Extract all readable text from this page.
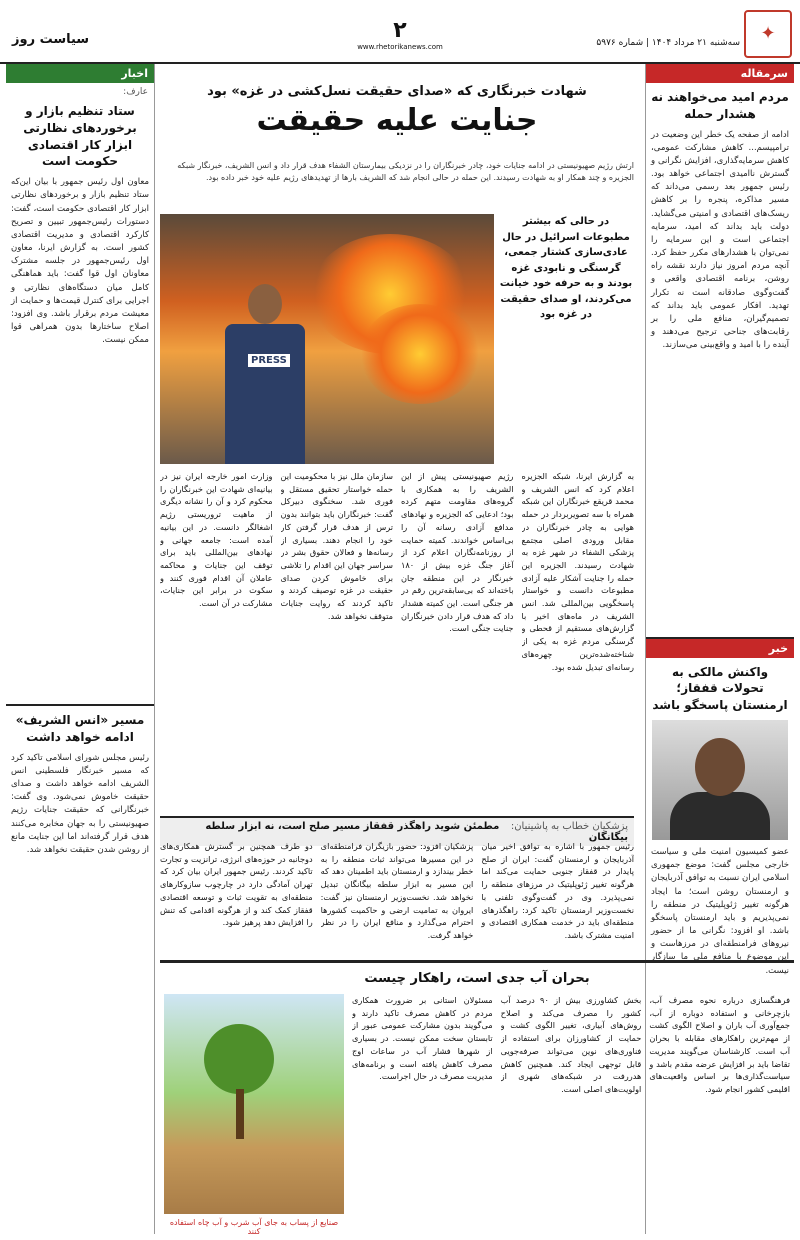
سیاست روز	۲
www.rhetorikanews.com	سه‌شنبه ۲۱ مرداد ۱۴۰۴ | شماره ۵۹۷۶	✦
سرمقاله
مردم امید می‌خواهند نه هشدار حمله
ادامه از صفحه یک خطر این وضعیت در ترامپیسم... کاهش مشارکت عمومی، کاهش سرمایه‌گذاری، افزایش نگرانی و گسترش ناامیدی اجتماعی خواهد بود. رئیس جمهور بعد رسمی می‌داند که مسیر مذاکره، پنجره را بر کاهش ریسک‌های اقتصادی و امنیتی می‌گشاید. دولت باید بداند که امید، سرمایه اجتماعی است و این سرمایه را نمی‌توان با هشدارهای مکرر حفظ کرد. آنچه مردم امروز نیاز دارند نقشه راه روشن، برنامه اقتصادی واقعی و گفت‌وگوی صادقانه است نه تکرار تهدید. افکار عمومی باید بداند که تصمیم‌گیران، منافع ملی را بر رقابت‌های جناحی ترجیح می‌دهند و آینده را با امید و واقع‌بینی می‌سازند.
خبر
واکنش مالکی به تحولات قفقاز؛ ارمنستان پاسخگو باشد
عضو کمیسیون امنیت ملی و سیاست خارجی مجلس گفت: موضع جمهوری اسلامی ایران نسبت به توافق آذربایجان و ارمنستان روشن است؛ ما ایجاد هرگونه تغییر ژئوپلیتیک در منطقه را نمی‌پذیریم و باید ارمنستان پاسخگو باشد. او افزود: نگرانی ما از حضور نیروهای فرامنطقه‌ای در مرزهاست و این موضوع با منافع ملی ما سازگار نیست.
اخبار
عارف:
ستاد تنظیم بازار و برخوردهای نظارتی ابزار کار اقتصادی حکومت است
معاون اول رئیس جمهور با بیان این‌که ستاد تنظیم بازار و برخوردهای نظارتی ابزار کار اقتصادی حکومت است، گفت: دستورات رئیس‌جمهور تبیین و تصریح کارکرد اقتصادی و مدیریت اقتصادی کشور است. به گزارش ایرنا، معاون اول رئیس‌جمهور در جلسه مشترک معاونان اول قوا گفت: باید هماهنگی کامل میان دستگاه‌های نظارتی و اجرایی برای کنترل قیمت‌ها و حمایت از معیشت مردم برقرار باشد. وی افزود: اصلاح ساختارها بدون همراهی قوا ممکن نیست.
مسیر «انس الشریف» ادامه خواهد داشت
رئیس مجلس شورای اسلامی تاکید کرد که مسیر خبرنگار فلسطینی انس الشریف ادامه خواهد داشت و صدای حقیقت خاموش نمی‌شود. وی گفت: خبرنگارانی که حقیقت جنایات رژیم صهیونیستی را به جهان مخابره می‌کنند هدف قرار گرفته‌اند اما این جنایت مانع از روشن شدن حقیقت نخواهد شد.
شهادت خبرنگاری که «صدای حقیقت نسل‌کشی در غزه» بود
جنایت علیه حقیقت
ارتش رژیم صهیونیستی در ادامه جنایات خود، چادر خبرنگاران را در نزدیکی بیمارستان الشفاء هدف قرار داد و انس الشریف، خبرنگار شبکه الجزیره و چند همکار او به شهادت رسیدند. این حمله در حالی انجام شد که الشریف بارها از تهدیدهای رژیم علیه خود خبر داده بود.
PRESS
در حالی که بیشتر مطبوعات اسرائیل در حال عادی‌سازی کشتار جمعی، گرسنگی و نابودی غزه بودند و به حرفه خود خیانت می‌کردند، او صدای حقیقت در غزه بود
به گزارش ایرنا، شبکه الجزیره اعلام کرد که انس الشریف و محمد قریقع خبرنگاران این شبکه همراه با سه تصویربردار در حمله هوایی به چادر خبرنگاران در مقابل ورودی اصلی مجتمع پزشکی الشفاء در شهر غزه به شهادت رسیدند. الجزیره این حمله را جنایت آشکار علیه آزادی مطبوعات دانست و خواستار پاسخگویی بین‌المللی شد. انس الشریف در ماه‌های اخیر با گزارش‌های مستقیم از قحطی و گرسنگی مردم غزه به یکی از شناخته‌شده‌ترین چهره‌های رسانه‌ای تبدیل شده بود.
رژیم صهیونیستی پیش از این الشریف را به همکاری با گروه‌های مقاومت متهم کرده بود؛ ادعایی که الجزیره و نهادهای مدافع آزادی رسانه آن را بی‌اساس خواندند. کمیته حمایت از روزنامه‌نگاران اعلام کرد از آغاز جنگ غزه بیش از ۱۸۰ خبرنگار در این منطقه جان باخته‌اند که بی‌سابقه‌ترین رقم در هر جنگی است. این کمیته هشدار داد که هدف قرار دادن خبرنگاران جنایت جنگی است.
سازمان ملل نیز با محکومیت این حمله خواستار تحقیق مستقل و فوری شد. سخنگوی دبیرکل گفت: خبرنگاران باید بتوانند بدون ترس از هدف قرار گرفتن کار خود را انجام دهند. بسیاری از رسانه‌ها و فعالان حقوق بشر در سراسر جهان این اقدام را تلاشی برای خاموش کردن صدای حقیقت در غزه توصیف کردند و تاکید کردند که روایت جنایات متوقف نخواهد شد.
وزارت امور خارجه ایران نیز در بیانیه‌ای شهادت این خبرنگاران را محکوم کرد و آن را نشانه دیگری از ماهیت تروریستی رژیم اشغالگر دانست. در این بیانیه آمده است: جامعه جهانی و نهادهای بین‌المللی باید برای توقف این جنایات و محاکمه عاملان آن اقدام فوری کنند و سکوت در برابر این جنایات، مشارکت در آن است.
پزشکیان خطاب به پاشینیان: مطمئن شوید راهگذر قفقاز مسیر صلح است، نه ابزار سلطه بیگانگان
رئیس جمهور با اشاره به توافق اخیر میان آذربایجان و ارمنستان گفت: ایران از صلح پایدار در قفقاز جنوبی حمایت می‌کند اما هرگونه تغییر ژئوپلیتیک در مرزهای منطقه را نمی‌پذیرد. وی در گفت‌وگوی تلفنی با نخست‌وزیر ارمنستان تاکید کرد: راهگذرهای منطقه‌ای باید در خدمت همکاری اقتصادی و امنیت مشترک باشد.
پزشکیان افزود: حضور بازیگران فرامنطقه‌ای در این مسیرها می‌تواند ثبات منطقه را به خطر بیندازد و ارمنستان باید اطمینان دهد که این مسیر به ابزار سلطه بیگانگان تبدیل نخواهد شد. نخست‌وزیر ارمنستان نیز گفت: ایروان به تمامیت ارضی و حاکمیت کشورها احترام می‌گذارد و منافع ایران را در نظر خواهد گرفت.
دو طرف همچنین بر گسترش همکاری‌های دوجانبه در حوزه‌های انرژی، ترانزیت و تجارت تاکید کردند. رئیس جمهور ایران بیان کرد که تهران آمادگی دارد در چارچوب سازوکارهای منطقه‌ای به تقویت ثبات و توسعه اقتصادی قفقاز کمک کند و از هرگونه اقدامی که تنش را افزایش دهد پرهیز شود.
بحران آب جدی است، راهکار چیست
فرهنگسازی درباره نحوه مصرف آب، بازچرخانی و استفاده دوباره از آب، جمع‌آوری آب باران و اصلاح الگوی کشت از مهم‌ترین راهکارهای مقابله با بحران آب است. کارشناسان می‌گویند مدیریت تقاضا باید بر افزایش عرضه مقدم باشد و سیاست‌گذاری‌ها بر اساس واقعیت‌های اقلیمی کشور انجام شود.
بخش کشاورزی بیش از ۹۰ درصد آب کشور را مصرف می‌کند و اصلاح روش‌های آبیاری، تغییر الگوی کشت و حمایت از کشاورزان برای استفاده از فناوری‌های نوین می‌تواند صرفه‌جویی قابل توجهی ایجاد کند. همچنین کاهش هدررفت در شبکه‌های شهری از اولویت‌های اصلی است.
مسئولان استانی بر ضرورت همکاری مردم در کاهش مصرف تاکید دارند و می‌گویند بدون مشارکت عمومی عبور از تابستان سخت ممکن نیست. در بسیاری از شهرها فشار آب در ساعات اوج مصرف کاهش یافته است و برنامه‌های مدیریت مصرف در حال اجراست.
صنایع از پساب به جای آب شرب و آب چاه استفاده کنند
